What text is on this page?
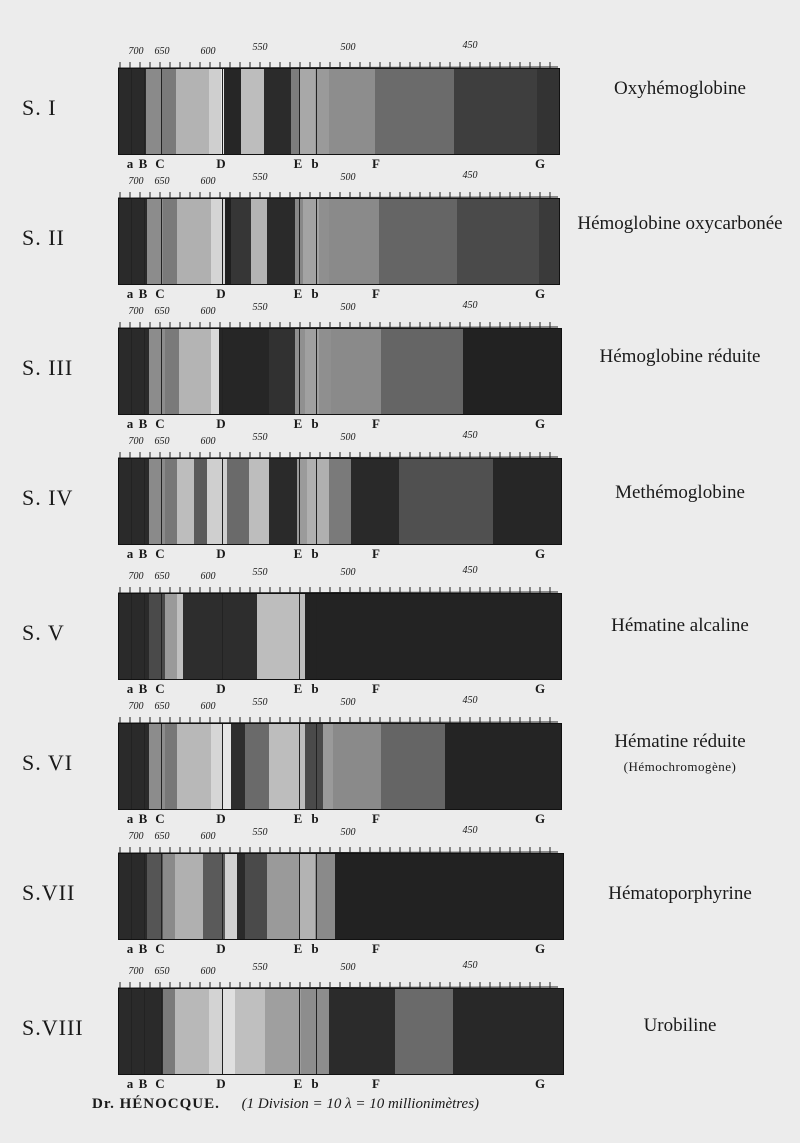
S. I
700 650	600	550	500	450
a B C	D	E b	F	G
Oxyhémoglobine
S. II
700 650	600	550	500	450
a B C	D	E b	F	G
Hémoglobine oxycarbonée
S. III
700 650	600	550	500	450
a B C	D	E b	F	G
Hémoglobine réduite
S. IV
700 650	600	550	500	450
a B C	D	E b	F	G
Methémoglobine
S. V
700 650	600	550	500	450
a B C	D	E b	F	G
Hématine alcaline
S. VI
700 650	600	550	500	450
a B C	D	E b	F	G
Hématine réduite
(Hémochromogène)
S.VII
700 650	600	550	500	450
a B C	D	E b	F	G
Hématoporphyrine
S.VIII
700 650	600	550	500	450
a B C	D	E b	F	G
Urobiline
Dr. HÉNOCQUE. (1 Division = 10 λ = 10 millionimètres)
